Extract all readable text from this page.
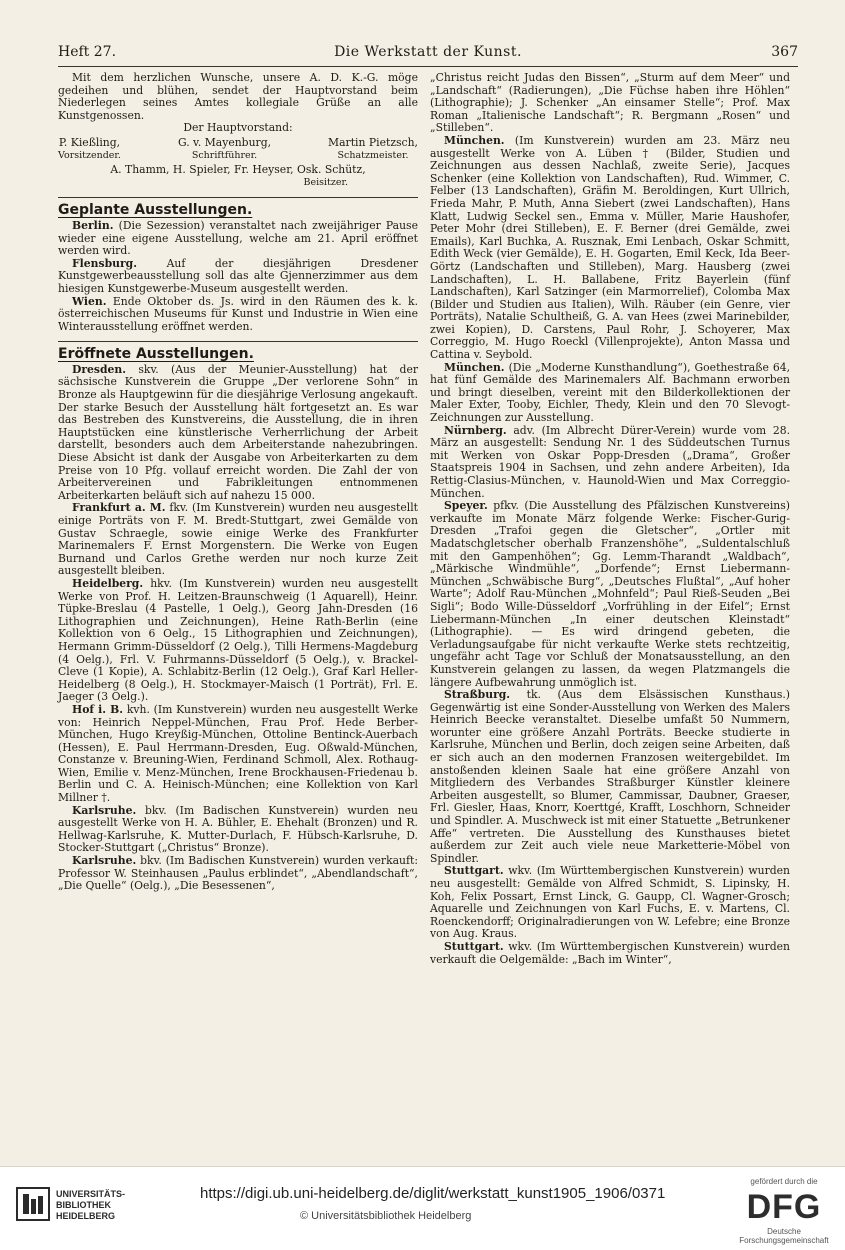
Heft 27.	Die Werkstatt der Kunst.	367

Mit dem herzlichen Wunsche, unsere A. D. K.-G. möge gedeihen und blühen, sendet der Hauptvorstand beim Niederlegen seines Amtes kollegiale Grüße an alle Kunstgenossen.

Der Hauptvorstand:

P. Kießling,
Vorsitzender.
G. v. Mayenburg,
Schriftführer.
Martin Pietzsch,
Schatzmeister.

A. Thamm, H. Spieler, Fr. Heyser, Osk. Schütz,

Beisitzer.

Geplante Ausstellungen.

Berlin. (Die Sezession) veranstaltet nach zweijähriger Pause wieder eine eigene Ausstellung, welche am 21. April eröffnet werden wird.

Flensburg.	Auf der diesjährigen Dresdener Kunstgewerbeausstellung soll das alte Gjennerzimmer aus dem hiesigen Kunstgewerbe-Museum ausgestellt werden.

Wien. Ende Oktober ds. Js. wird in den Räumen des k. k. österreichischen Museums für Kunst und Industrie in Wien eine Winterausstellung eröffnet werden.

Eröffnete Ausstellungen.

Dresden. skv. (Aus der Meunier-Ausstellung) hat der sächsische Kunstverein die Gruppe „Der verlorene Sohn“ in Bronze als Hauptgewinn für die diesjährige Verlosung angekauft. Der starke Besuch der Ausstellung hält fortgesetzt an. Es war das Bestreben des Kunstvereins, die Ausstellung, die in ihren Hauptstücken eine künstlerische Verherrlichung der Arbeit darstellt, besonders auch dem Arbeiterstande nahezubringen. Diese Absicht ist dank der Ausgabe von Arbeiterkarten zu dem Preise von 10 Pfg. vollauf erreicht worden. Die Zahl der von Arbeitervereinen und Fabrikleitungen entnommenen Arbeiterkarten beläuft sich auf nahezu 15 000.

Frankfurt a. M. fkv. (Im Kunstverein) wurden neu ausgestellt einige Porträts von F. M. Bredt-Stuttgart, zwei Gemälde von Gustav Schraegle, sowie einige Werke des Frankfurter Marinemalers F. Ernst Morgenstern. Die Werke von Eugen Burnand und Carlos Grethe werden nur noch kurze Zeit ausgestellt bleiben.

Heidelberg. hkv. (Im Kunstverein) wurden neu ausgestellt Werke von Prof. H. Leitzen-Braunschweig (1 Aquarell), Heinr. Tüpke-Breslau (4 Pastelle, 1 Oelg.), Georg Jahn-Dresden (16 Lithographien und Zeichnungen), Heine Rath-Berlin (eine Kollektion von 6 Oelg., 15 Lithographien und Zeichnungen), Hermann Grimm-Düsseldorf (2 Oelg.), Tilli Hermens-Magdeburg (4 Oelg.), Frl. V. Fuhrmanns-Düsseldorf (5 Oelg.), v. Brackel-Cleve (1 Kopie), A. Schlabitz-Berlin (12 Oelg.), Graf Karl Heller-Heidelberg (8 Oelg.), H. Stockmayer-Maisch (1 Porträt), Frl. E. Jaeger (3 Oelg.).

Hof i. B. kvh. (Im Kunstverein) wurden neu ausgestellt Werke von: Heinrich Neppel-München, Frau Prof. Hede Berber-München, Hugo Kreyßig-München, Ottoline Bentinck-Auerbach (Hessen), E. Paul Herrmann-Dresden, Eug. Oßwald-München, Constanze v. Breuning-Wien, Ferdinand Schmoll, Alex. Rothaug-Wien, Emilie v. Menz-München, Irene Brockhausen-Friedenau b. Berlin und C. A. Heinisch-München; eine Kollektion von Karl Millner †.

Karlsruhe. bkv. (Im Badischen Kunstverein) wurden neu ausgestellt Werke von H. A. Bühler, E. Ehehalt (Bronzen) und R. Hellwag-Karlsruhe, K. Mutter-Durlach, F. Hübsch-Karlsruhe, D. Stocker-Stuttgart („Christus“ Bronze).

Karlsruhe. bkv. (Im Badischen Kunstverein) wurden verkauft: Professor W. Steinhausen „Paulus erblindet“, „Abendlandschaft“, „Die Quelle“ (Oelg.), „Die Besessenen“,

„Christus reicht Judas den Bissen“, „Sturm auf dem Meer“ und „Landschaft“ (Radierungen), „Die Füchse haben ihre Höhlen“ (Lithographie); J. Schenker „An einsamer Stelle“; Prof. Max Roman „Italienische Landschaft“; R. Bergmann „Rosen“ und „Stilleben“.

München. (Im Kunstverein) wurden am 23. März neu ausgestellt Werke von A. Lüben † (Bilder, Studien und Zeichnungen aus dessen Nachlaß, zweite Serie), Jacques Schenker (eine Kollektion von Landschaften), Rud. Wimmer, C. Felber (13 Landschaften), Gräfin M. Beroldingen, Kurt Ullrich, Frieda Mahr, P. Muth, Anna Siebert (zwei Landschaften), Hans Klatt, Ludwig Seckel sen., Emma v. Müller, Marie Haushofer, Peter Mohr (drei Stilleben), E. F. Berner (drei Gemälde, zwei Emails), Karl Buchka, A. Rusznak, Emi Lenbach, Oskar Schmitt, Edith Weck (vier Gemälde), E. H. Gogarten, Emil Keck, Ida Beer-Görtz (Landschaften und Stilleben), Marg. Hausberg (zwei Landschaften), L. H. Ballabene, Fritz Bayerlein (fünf Landschaften), Karl Satzinger (ein Marmorrelief), Colomba Max (Bilder und Studien aus Italien), Wilh. Räuber (ein Genre, vier Porträts), Natalie Schultheiß, G. A. van Hees (zwei Marinebilder, zwei Kopien), D. Carstens, Paul Rohr, J. Schoyerer, Max Correggio, M. Hugo Roeckl (Villenprojekte), Anton Massa und Cattina v. Seybold.

München. (Die „Moderne Kunsthandlung“), Goethestraße 64, hat fünf Gemälde des Marinemalers Alf. Bachmann erworben und bringt dieselben, vereint mit den Bilderkollektionen der Maler Exter, Tooby, Eichler, Thedy, Klein und den 70 Slevogt-Zeichnungen zur Ausstellung.

Nürnberg. adv. (Im Albrecht Dürer-Verein) wurde vom 28. März an ausgestellt: Sendung Nr. 1 des Süddeutschen Turnus mit Werken von Oskar Popp-Dresden („Drama“, Großer Staatspreis 1904 in Sachsen, und zehn andere Arbeiten), Ida Rettig-Clasius-München, v. Haunold-Wien und Max Correggio-München.

Speyer. pfkv. (Die Ausstellung des Pfälzischen Kunstvereins) verkaufte im Monate März folgende Werke: Fischer-Gurig-Dresden „Trafoi gegen die Gletscher“, „Ortler mit Madatschgletscher oberhalb Franzenshöhe“, „Suldentalschluß mit den Gampenhöhen“; Gg. Lemm-Tharandt „Waldbach“, „Märkische Windmühle“, „Dorfende“; Ernst Liebermann-München „Schwäbische Burg“, „Deutsches Flußtal“, „Auf hoher Warte“; Adolf Rau-München „Mohnfeld“; Paul Rieß-Seuden „Bei Sigli“; Bodo Wille-Düsseldorf „Vorfrühling in der Eifel“; Ernst Liebermann-München „In einer deutschen Kleinstadt“ (Lithographie). — Es wird dringend gebeten, die Verladungsaufgabe für nicht verkaufte Werke stets rechtzeitig, ungefähr acht Tage vor Schluß der Monatsausstellung, an den Kunstverein gelangen zu lassen, da wegen Platzmangels die längere Aufbewahrung unmöglich ist.

Straßburg. tk. (Aus dem Elsässischen Kunsthaus.) Gegenwärtig ist eine Sonder-Ausstellung von Werken des Malers Heinrich Beecke veranstaltet. Dieselbe umfaßt 50 Nummern, worunter eine größere Anzahl Porträts. Beecke studierte in Karlsruhe, München und Berlin, doch zeigen seine Arbeiten, daß er sich auch an den modernen Franzosen weitergebildet. Im anstoßenden kleinen Saale hat eine größere Anzahl von Mitgliedern des Verbandes Straßburger Künstler kleinere Arbeiten ausgestellt, so Blumer, Cammissar, Daubner, Graeser, Frl. Giesler, Haas, Knorr, Koerttgé, Krafft, Loschhorn, Schneider und Spindler. A. Muschweck ist mit einer Statuette „Betrunkener Affe“ vertreten. Die Ausstellung des Kunsthauses bietet außerdem zur Zeit auch viele neue Marketterie-Möbel von Spindler.

Stuttgart. wkv. (Im Württembergischen Kunstverein) wurden neu ausgestellt: Gemälde von Alfred Schmidt, S. Lipinsky, H. Koh, Felix Possart, Ernst Linck, G. Gaupp, Cl. Wagner-Grosch; Aquarelle und Zeichnungen von Karl Fuchs, E. v. Martens, Cl. Roenckendorff; Originalradierungen von W. Lefebre; eine Bronze von Aug. Kraus.

Stuttgart. wkv. (Im Württembergischen Kunstverein) wurden verkauft die Oelgemälde: „Bach im Winter“,

UNIVERSITÄTS-
BIBLIOTHEK
HEIDELBERG
https://digi.ub.uni-heidelberg.de/diglit/werkstatt_kunst1905_1906/0371
© Universitätsbibliothek Heidelberg
gefördert durch die
DFG
Deutsche
Forschungsgemeinschaft
